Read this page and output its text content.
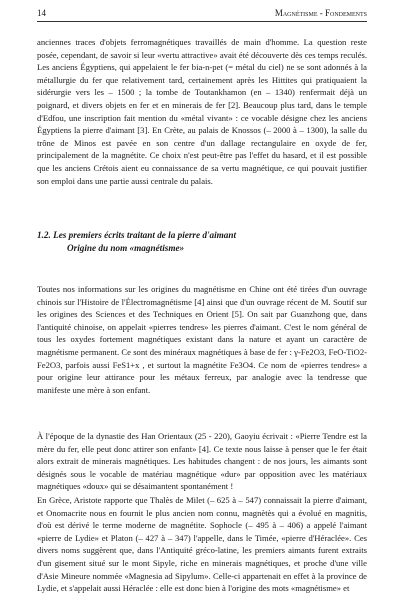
14	Magnétisme - Fondements

anciennes traces d'objets ferromagnétiques travaillés de main d'homme. La question reste posée, cependant, de savoir si leur «vertu attractive» avait été découverte dès ces temps reculés. Les anciens Égyptiens, qui appelaient le fer bia-n-pet (= métal du ciel) ne se sont adonnés à la métallurgie du fer que relativement tard, certainement après les Hittites qui pratiquaient la sidérurgie vers les – 1500 ; la tombe de Toutankhamon (en – 1340) renfermait déjà un poignard, et divers objets en fer et en minerais de fer [2]. Beaucoup plus tard, dans le temple d'Edfou, une inscription fait mention du «métal vivant» : ce vocable désigne chez les anciens Égyptiens la pierre d'aimant [3]. En Crète, au palais de Knossos (– 2000 à – 1300), la salle du trône de Minos est pavée en son centre d'un dallage rectangulaire en oxyde de fer, principalement de la magnétite. Ce choix n'est peut-être pas l'effet du hasard, et il est possible que les anciens Crétois aient eu connaissance de sa vertu magnétique, ce qui pouvait justifier son emploi dans une partie aussi centrale du palais.

1.2. Les premiers écrits traitant de la pierre d'aimant
Origine du nom «magnétisme»

Toutes nos informations sur les origines du magnétisme en Chine ont été tirées d'un ouvrage chinois sur l'Histoire de l'Électromagnétisme [4] ainsi que d'un ouvrage récent de M. Soutif sur les origines des Sciences et des Techniques en Orient [5]. On sait par Guanzhong que, dans l'antiquité chinoise, on appelait «pierres tendres» les pierres d'aimant. C'est le nom général de tous les oxydes fortement magnétiques existant dans la nature et ayant un caractère de magnétisme permanent. Ce sont des minéraux magnétiques à base de fer : γ-Fe2O3, FeO-TiO2-Fe2O3, parfois aussi FeS1+x , et surtout la magnétite Fe3O4. Ce nom de «pierres tendres» a pour origine leur attirance pour les métaux ferreux, par analogie avec la tendresse que manifeste une mère à son enfant.

À l'époque de la dynastie des Han Orientaux (25 - 220), Gaoyiu écrivait : «Pierre Tendre est la mère du fer, elle peut donc attirer son enfant» [4]. Ce texte nous laisse à penser que le fer était alors extrait de minerais magnétiques. Les habitudes changent : de nos jours, les aimants sont désignés sous le vocable de matériau magnétique «dur» par opposition avec les matériaux magnétiques «doux» qui se désaimantent spontanément !

En Grèce, Aristote rapporte que Thalès de Milet (– 625 à – 547) connaissait la pierre d'aimant, et Onomacrite nous en fournit le plus ancien nom connu, magnètès qui a évolué en magnitis, d'où est dérivé le terme moderne de magnétite. Sophocle (– 495 à – 406) a appelé l'aimant «pierre de Lydie» et Platon (– 427 à – 347) l'appelle, dans le Timée, «pierre d'Héraclée». Ces divers noms suggèrent que, dans l'Antiquité gréco-latine, les premiers aimants furent extraits d'un gisement situé sur le mont Sipyle, riche en minerais magnétiques, et proche d'une ville d'Asie Mineure nommée «Magnesia ad Sipylum». Celle-ci appartenait en effet à la province de Lydie, et s'appelait aussi Héraclée : elle est donc bien à l'origine des mots «magnétisme» et
